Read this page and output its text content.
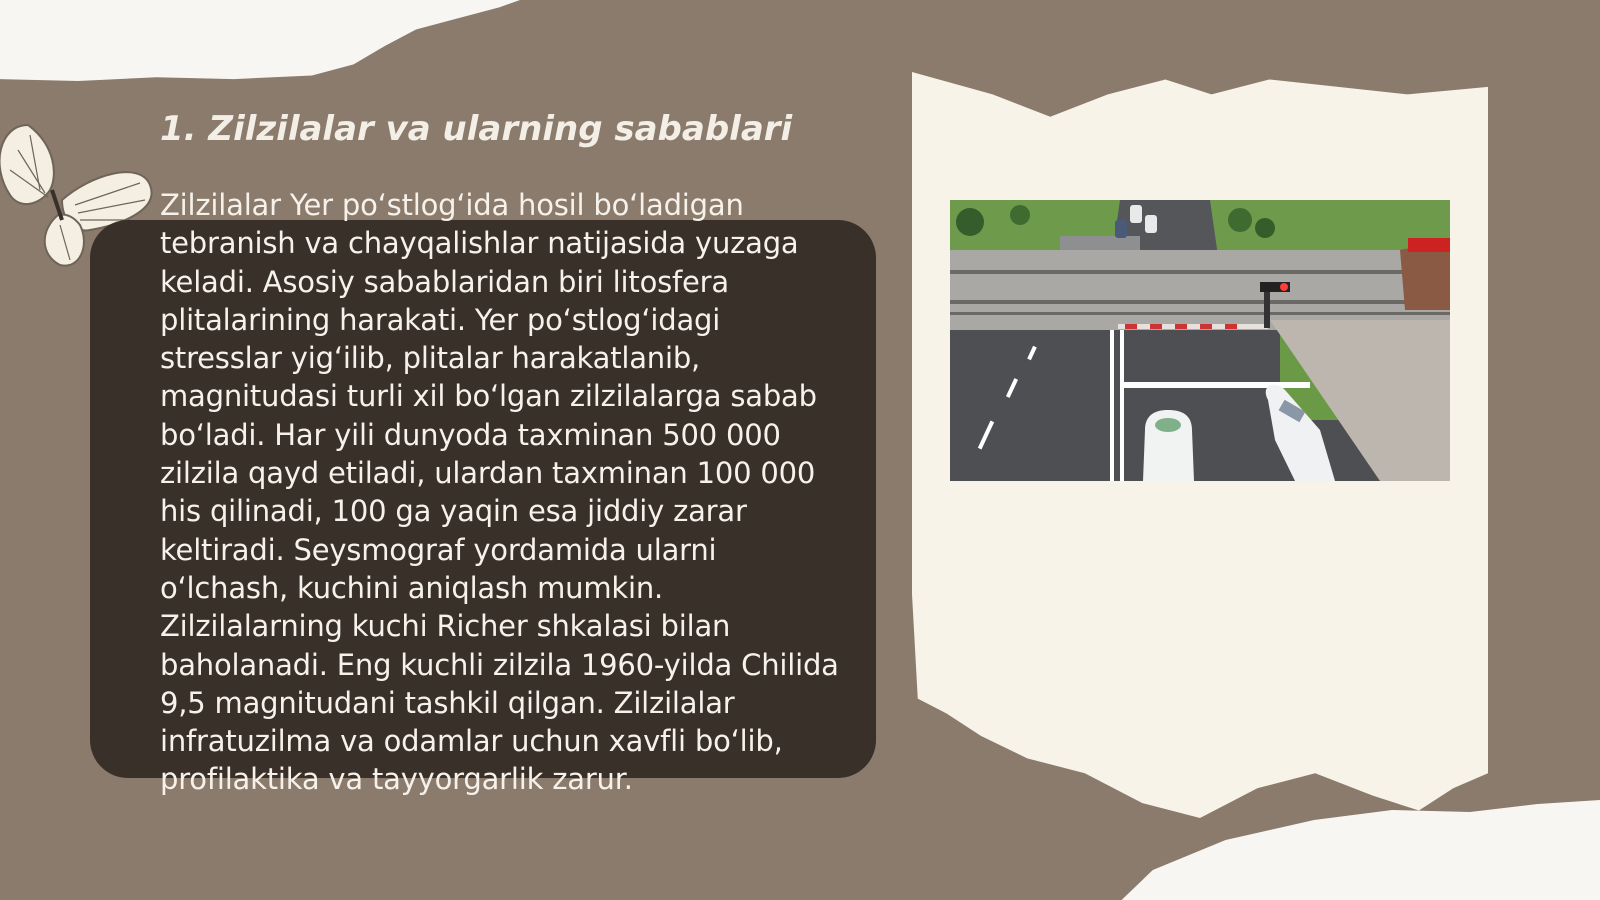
1. Zilzilalar va ularning sabablari

Zilzilalar Yer po‘stlog‘ida hosil bo‘ladigan tebranish va chayqalishlar natijasida yuzaga keladi. Asosiy sabablaridan biri litosfera plitalarining harakati. Yer po‘stlog‘idagi stresslar yig‘ilib, plitalar harakatlanib, magnitudasi turli xil bo‘lgan zilzilalarga sabab bo‘ladi. Har yili dunyoda taxminan 500 000 zilzila qayd etiladi, ulardan taxminan 100 000 his qilinadi, 100 ga yaqin esa jiddiy zarar keltiradi. Seysmograf yordamida ularni o‘lchash, kuchini aniqlash mumkin. Zilzilalarning kuchi Richer shkalasi bilan baholanadi. Eng kuchli zilzila 1960-yilda Chilida 9,5 magnitudani tashkil qilgan. Zilzilalar infratuzilma va odamlar uchun xavfli bo‘lib, profilaktika va tayyorgarlik zarur.
